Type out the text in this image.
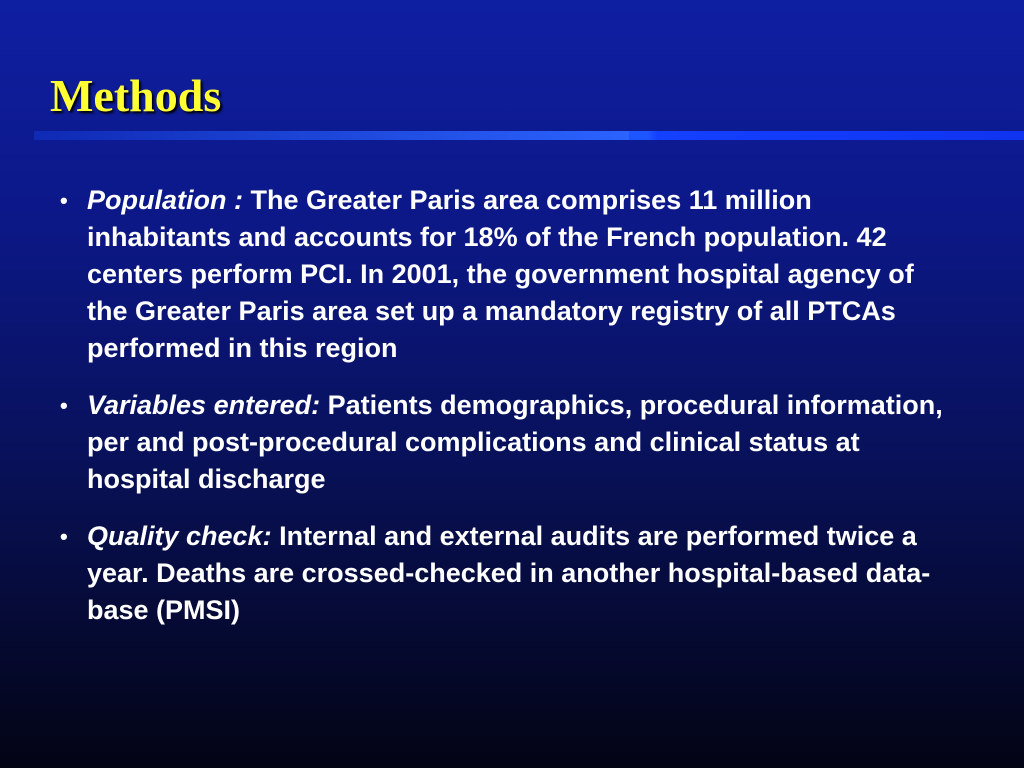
Methods
• Population : The Greater Paris area comprises 11 million inhabitants and accounts for 18% of the French population. 42 centers perform PCI. In 2001, the government hospital agency of the Greater Paris area set up a mandatory registry of all PTCAs performed in this region
• Variables entered: Patients demographics, procedural information, per and post-procedural complications and clinical status at hospital discharge
• Quality check: Internal and external audits are performed twice a year. Deaths are crossed-checked in another hospital-based data-base (PMSI)
